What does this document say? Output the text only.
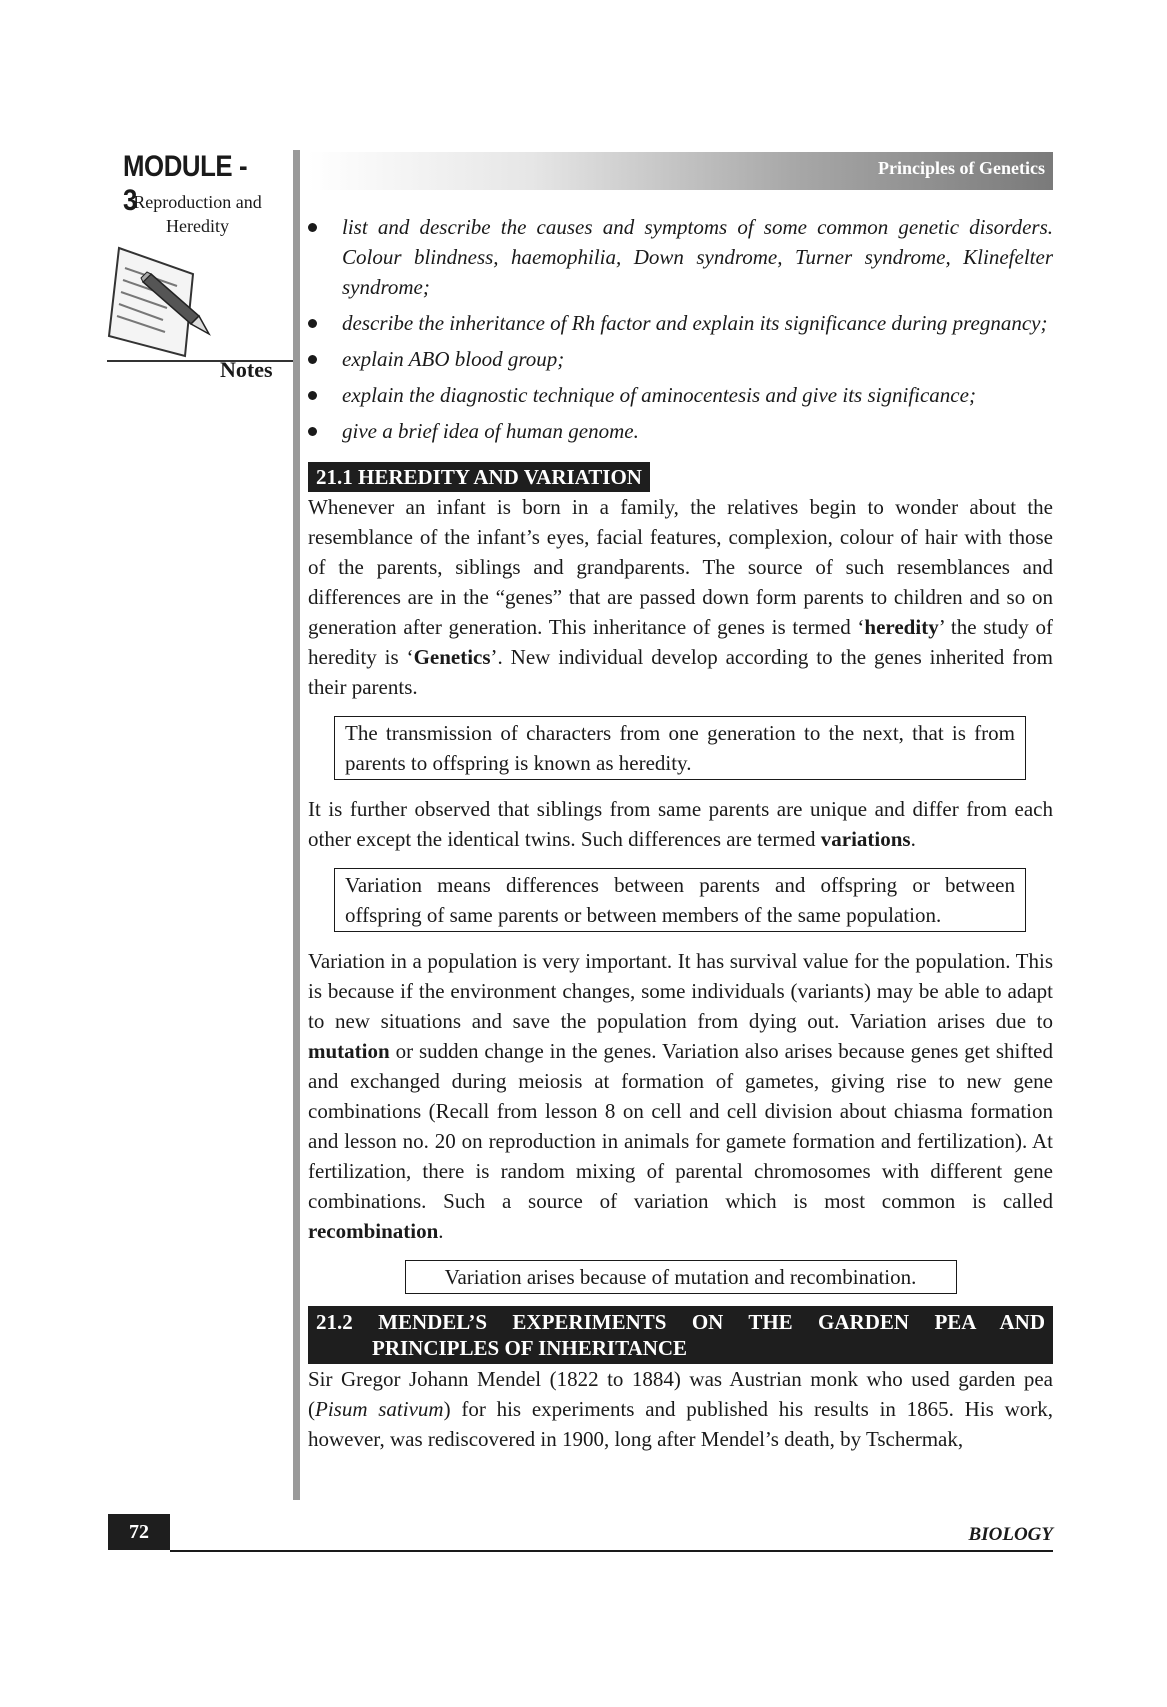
MODULE - 3
Reproduction and
Heredity
Notes
Principles of Genetics
list and describe the causes and symptoms of some common genetic disorders. Colour blindness, haemophilia, Down syndrome, Turner syndrome, Klinefelter syndrome;
describe the inheritance of Rh factor and explain its significance during pregnancy;
explain ABO blood group;
explain the diagnostic technique of aminocentesis and give its significance;
give a brief idea of human genome.
21.1 HEREDITY AND VARIATION

Whenever an infant is born in a family, the relatives begin to wonder about the resemblance of the infant’s eyes, facial features, complexion, colour of hair with those of the parents, siblings and grandparents. The source of such resemblances and differences are in the “genes” that are passed down form parents to children and so on generation after generation. This inheritance of genes is termed ‘heredity’ the study of heredity is ‘Genetics’. New individual develop according to the genes inherited from their parents.

The transmission of characters from one generation to the next, that is from parents to offspring is known as heredity.

It is further observed that siblings from same parents are unique and differ from each other except the identical twins. Such differences are termed variations.

Variation means differences between parents and offspring or between offspring of same parents or between members of the same population.

Variation in a population is very important. It has survival value for the population. This is because if the environment changes, some individuals (variants) may be able to adapt to new situations and save the population from dying out. Variation arises due to mutation or sudden change in the genes. Variation also arises because genes get shifted and exchanged during meiosis at formation of gametes, giving rise to new gene combinations (Recall from lesson 8 on cell and cell division about chiasma formation and lesson no. 20 on reproduction in animals for gamete formation and fertilization). At fertilization, there is random mixing of parental chromosomes with different gene combinations. Such a source of variation which is most common is called recombination.

Variation arises because of mutation and recombination.
21.2 MENDEL’S EXPERIMENTS ON THE GARDEN PEA AND
PRINCIPLES OF INHERITANCE

Sir Gregor Johann Mendel (1822 to 1884) was Austrian monk who used garden pea (Pisum sativum) for his experiments and published his results in 1865. His work, however, was rediscovered in 1900, long after Mendel’s death, by Tschermak,

72	BIOLOGY
